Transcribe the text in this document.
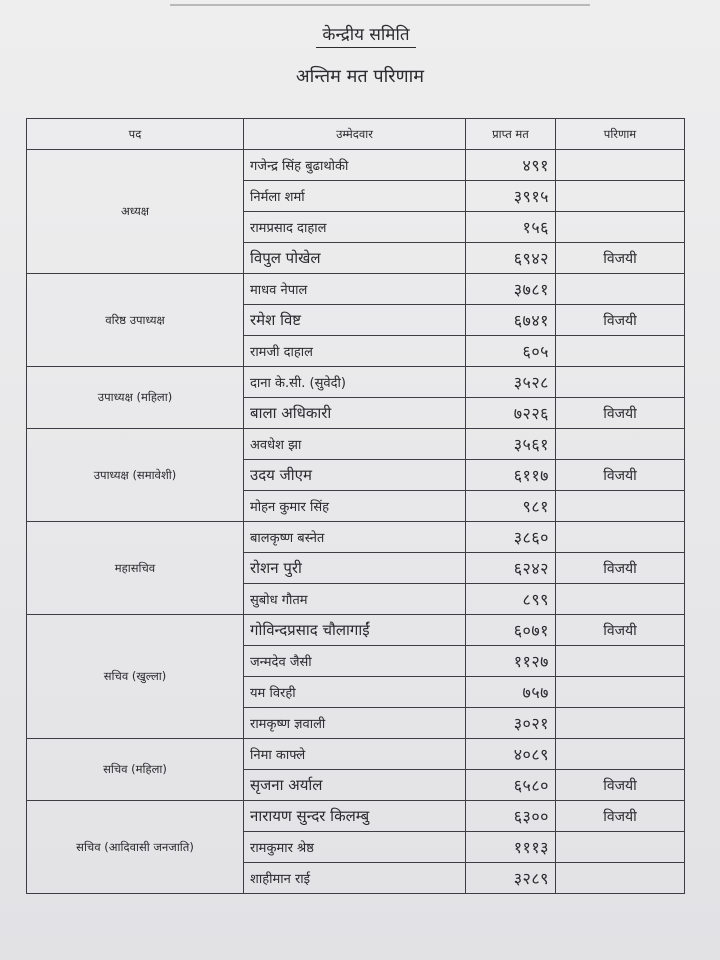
केन्द्रीय समिति
अन्तिम मत परिणाम
पद	उम्मेदवार	प्राप्त मत	परिणाम
अध्यक्ष	गजेन्द्र सिंह बुढाथोकी	४९१	
	निर्मला शर्मा	३९१५	
	रामप्रसाद दाहाल	१५६	
	विपुल पोखेल	६९४२	विजयी
वरिष्ठ उपाध्यक्ष	माधव नेपाल	३७८१	
	रमेश विष्ट	६७४१	विजयी
	रामजी दाहाल	६०५	
उपाध्यक्ष (महिला)	दाना के.सी. (सुवेदी)	३५२८	
	बाला अधिकारी	७२२६	विजयी
उपाध्यक्ष (समावेशी)	अवधेश झा	३५६१	
	उदय जीएम	६११७	विजयी
	मोहन कुमार सिंह	९८१	
महासचिव	बालकृष्ण बस्नेत	३८६०	
	रोशन पुरी	६२४२	विजयी
	सुबोध गौतम	८९९	
सचिव (खुल्ला)	गोविन्दप्रसाद चौलागाईं	६०७१	विजयी
	जन्मदेव जैसी	११२७	
	यम विरही	७५७	
	रामकृष्ण ज्ञवाली	३०२१	
सचिव (महिला)	निमा काफ्ले	४०८९	
	सृजना अर्याल	६५८०	विजयी
सचिव (आदिवासी जनजाति)	नारायण सुन्दर किलम्बु	६३००	विजयी
	रामकुमार श्रेष्ठ	१११३	
	शाहीमान राई	३२८९	
